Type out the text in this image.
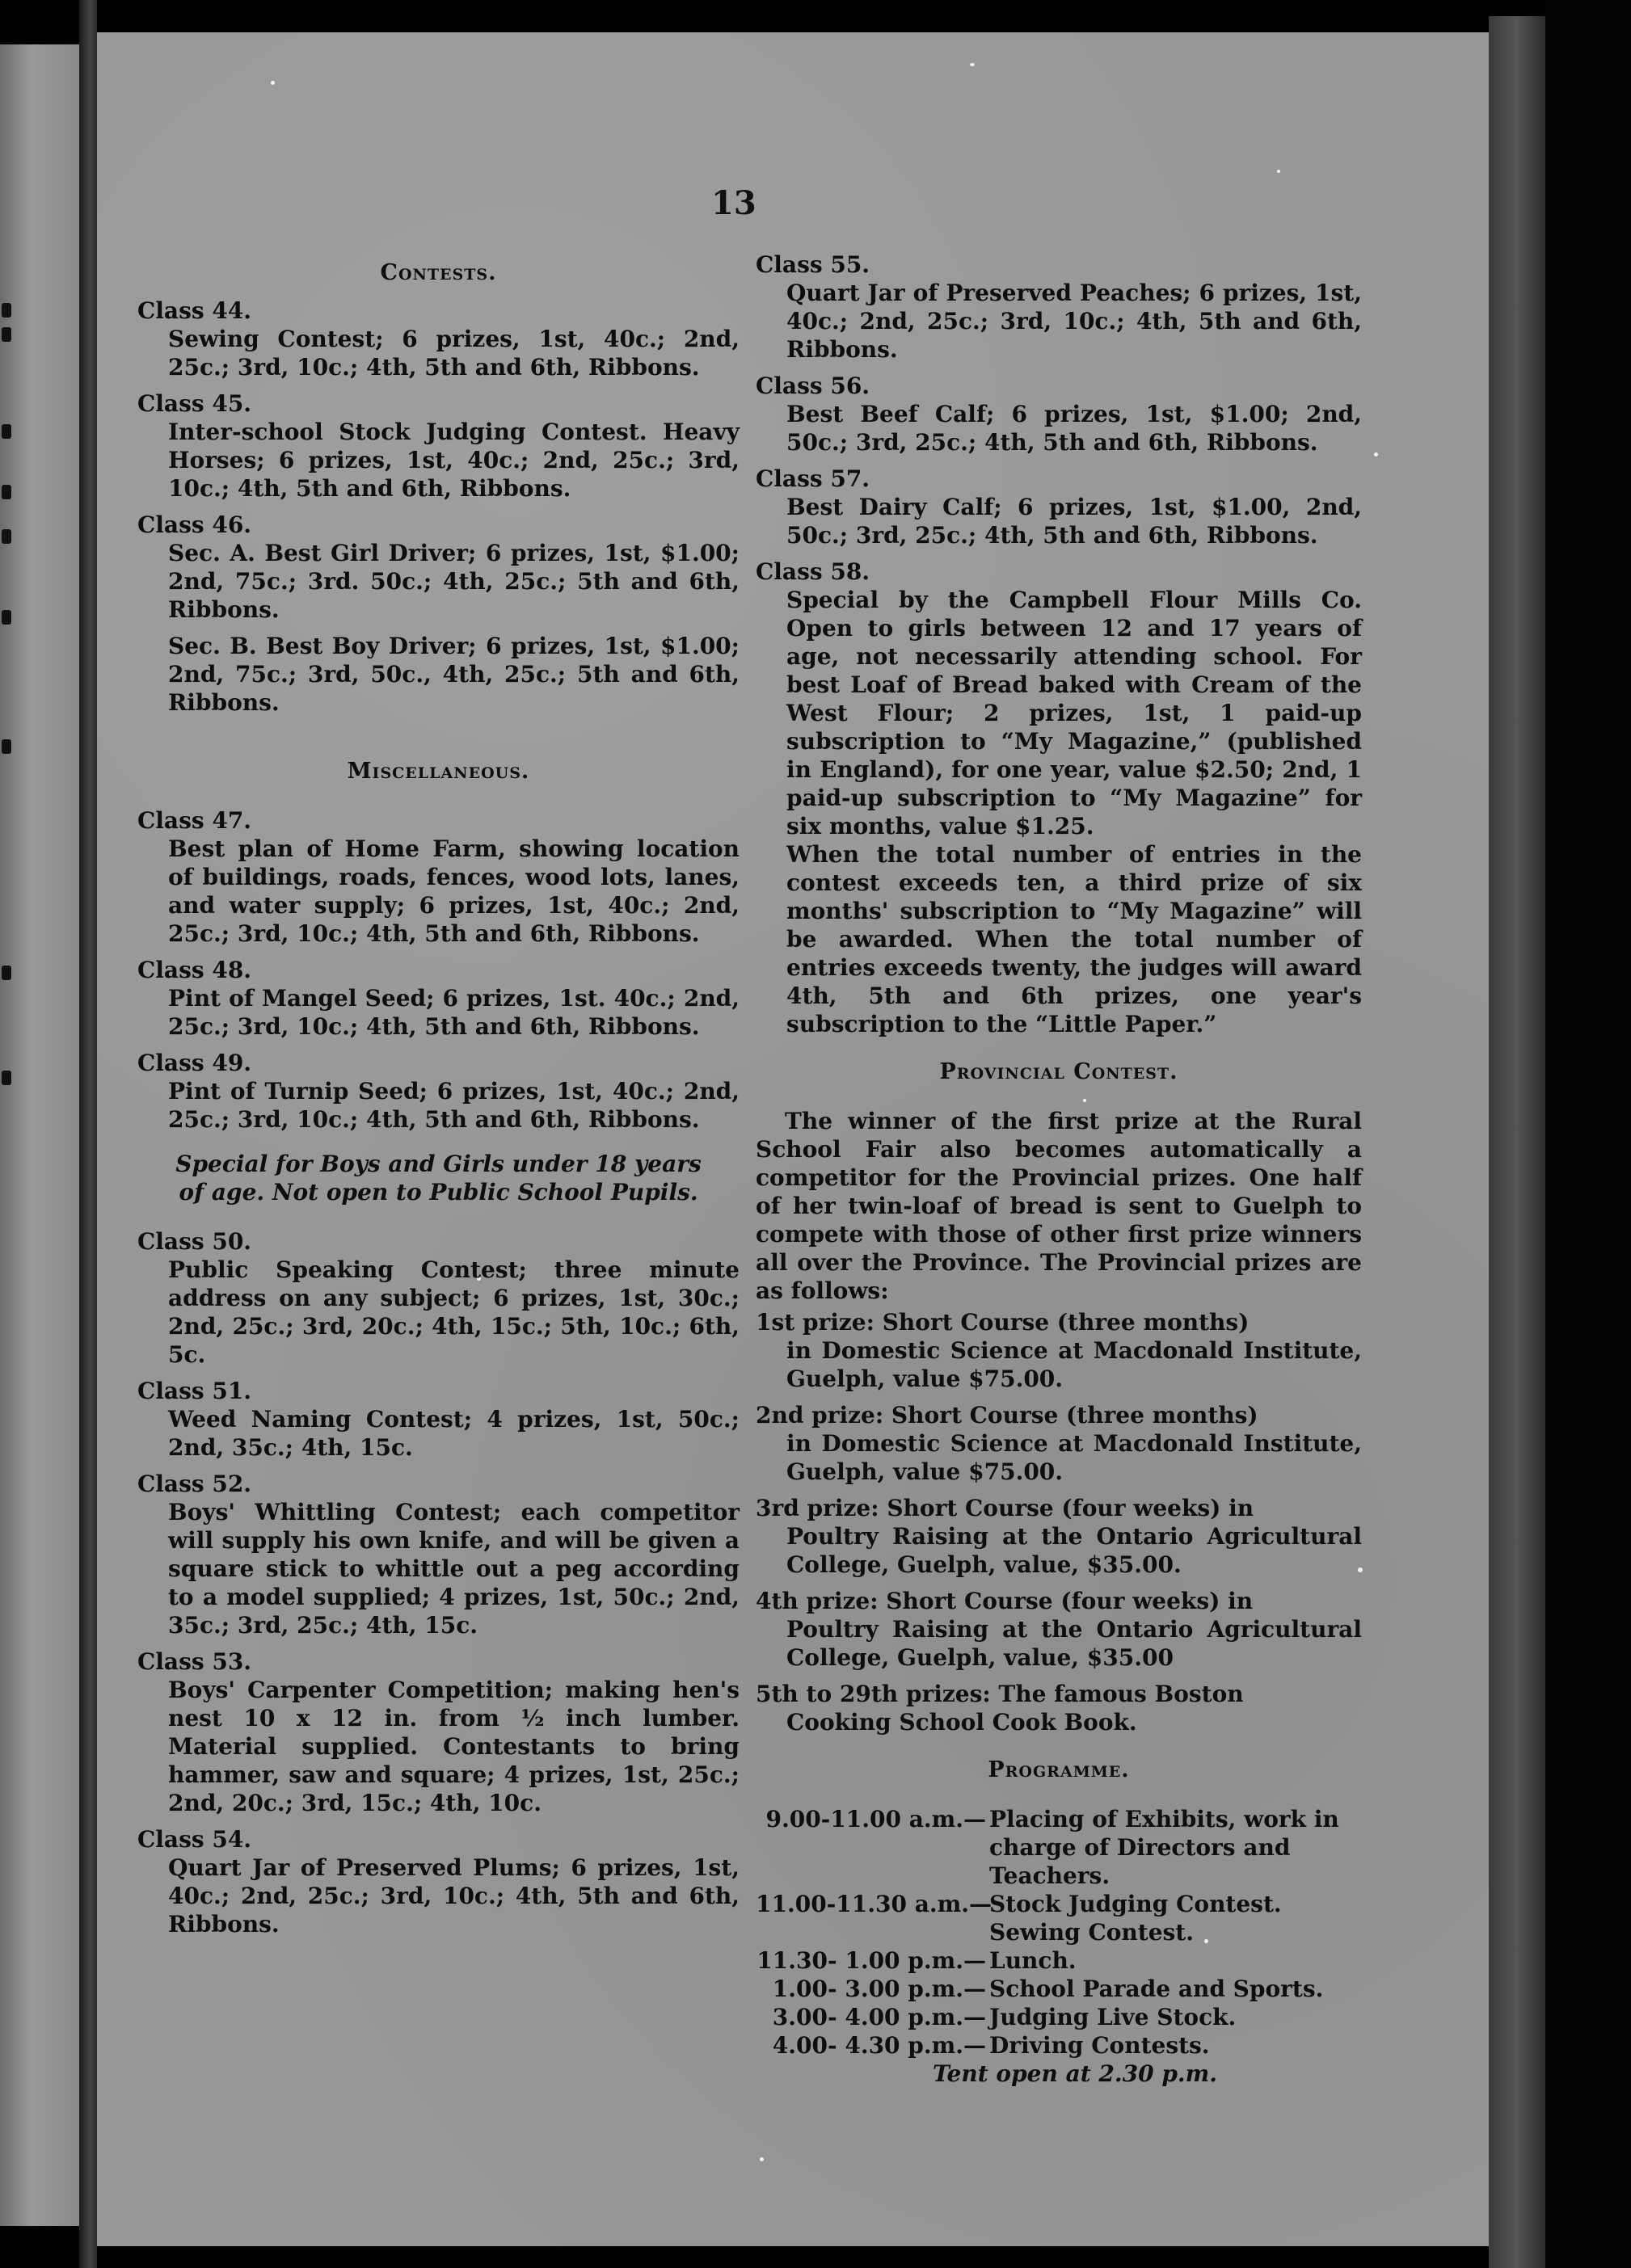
13
Contests.
Class 44.
Sewing Contest; 6 prizes, 1st, 40c.; 2nd, 25c.; 3rd, 10c.; 4th, 5th and 6th, Ribbons.
Class 45.
Inter-school Stock Judging Contest. Heavy Horses; 6 prizes, 1st, 40c.; 2nd, 25c.; 3rd, 10c.; 4th, 5th and 6th, Ribbons.
Class 46.
Sec. A. Best Girl Driver; 6 prizes, 1st, $1.00; 2nd, 75c.; 3rd. 50c.; 4th, 25c.; 5th and 6th, Ribbons.
Sec. B. Best Boy Driver; 6 prizes, 1st, $1.00; 2nd, 75c.; 3rd, 50c., 4th, 25c.; 5th and 6th, Ribbons.
Miscellaneous.
Class 47.
Best plan of Home Farm, showing location of buildings, roads, fences, wood lots, lanes, and water supply; 6 prizes, 1st, 40c.; 2nd, 25c.; 3rd, 10c.; 4th, 5th and 6th, Ribbons.
Class 48.
Pint of Mangel Seed; 6 prizes, 1st. 40c.; 2nd, 25c.; 3rd, 10c.; 4th, 5th and 6th, Ribbons.
Class 49.
Pint of Turnip Seed; 6 prizes, 1st, 40c.; 2nd, 25c.; 3rd, 10c.; 4th, 5th and 6th, Ribbons.
Special for Boys and Girls under 18 years of age. Not open to Public School Pupils.
Class 50.
Public Speaking Contest; three minute address on any subject; 6 prizes, 1st, 30c.; 2nd, 25c.; 3rd, 20c.; 4th, 15c.; 5th, 10c.; 6th, 5c.
Class 51.
Weed Naming Contest; 4 prizes, 1st, 50c.; 2nd, 35c.; 4th, 15c.
Class 52.
Boys' Whittling Contest; each competitor will supply his own knife, and will be given a square stick to whittle out a peg according to a model supplied; 4 prizes, 1st, 50c.; 2nd, 35c.; 3rd, 25c.; 4th, 15c.
Class 53.
Boys' Carpenter Competition; making hen's nest 10 x 12 in. from ½ inch lumber. Material supplied. Contestants to bring hammer, saw and square; 4 prizes, 1st, 25c.; 2nd, 20c.; 3rd, 15c.; 4th, 10c.
Class 54.
Quart Jar of Preserved Plums; 6 prizes, 1st, 40c.; 2nd, 25c.; 3rd, 10c.; 4th, 5th and 6th, Ribbons.
Class 55.
Quart Jar of Preserved Peaches; 6 prizes, 1st, 40c.; 2nd, 25c.; 3rd, 10c.; 4th, 5th and 6th, Ribbons.
Class 56.
Best Beef Calf; 6 prizes, 1st, $1.00; 2nd, 50c.; 3rd, 25c.; 4th, 5th and 6th, Ribbons.
Class 57.
Best Dairy Calf; 6 prizes, 1st, $1.00, 2nd, 50c.; 3rd, 25c.; 4th, 5th and 6th, Ribbons.
Class 58.
Special by the Campbell Flour Mills Co. Open to girls between 12 and 17 years of age, not necessarily attending school. For best Loaf of Bread baked with Cream of the West Flour; 2 prizes, 1st, 1 paid-up subscription to “My Magazine,” (published in England), for one year, value $2.50; 2nd, 1 paid-up subscription to “My Magazine” for six months, value $1.25.
When the total number of entries in the contest exceeds ten, a third prize of six months' subscription to “My Magazine” will be awarded. When the total number of entries exceeds twenty, the judges will award 4th, 5th and 6th prizes, one year's subscription to the “Little Paper.”
Provincial Contest.
The winner of the first prize at the Rural School Fair also becomes automatically a competitor for the Provincial prizes. One half of her twin-loaf of bread is sent to Guelph to compete with those of other first prize winners all over the Province. The Provincial prizes are as follows:
1st prize: Short Course (three months)
in Domestic Science at Macdonald Institute, Guelph, value $75.00.
2nd prize: Short Course (three months)
in Domestic Science at Macdonald Institute, Guelph, value $75.00.
3rd prize: Short Course (four weeks) in
Poultry Raising at the Ontario Agricultural College, Guelph, value, $35.00.
4th prize: Short Course (four weeks) in
Poultry Raising at the Ontario Agricultural College, Guelph, value, $35.00
5th to 29th prizes: The famous Boston
Cooking School Cook Book.
Programme.
9.00-11.00 a.m.— Placing of Exhibits, work in charge of Directors and Teachers.
11.00-11.30 a.m.—
Stock Judging Contest. Sewing Contest.
11.30- 1.00 p.m.— Lunch.
1.00- 3.00 p.m.— School Parade and Sports.
3.00- 4.00 p.m.— Judging Live Stock.
4.00- 4.30 p.m.— Driving Contests.
Tent open at 2.30 p.m.
